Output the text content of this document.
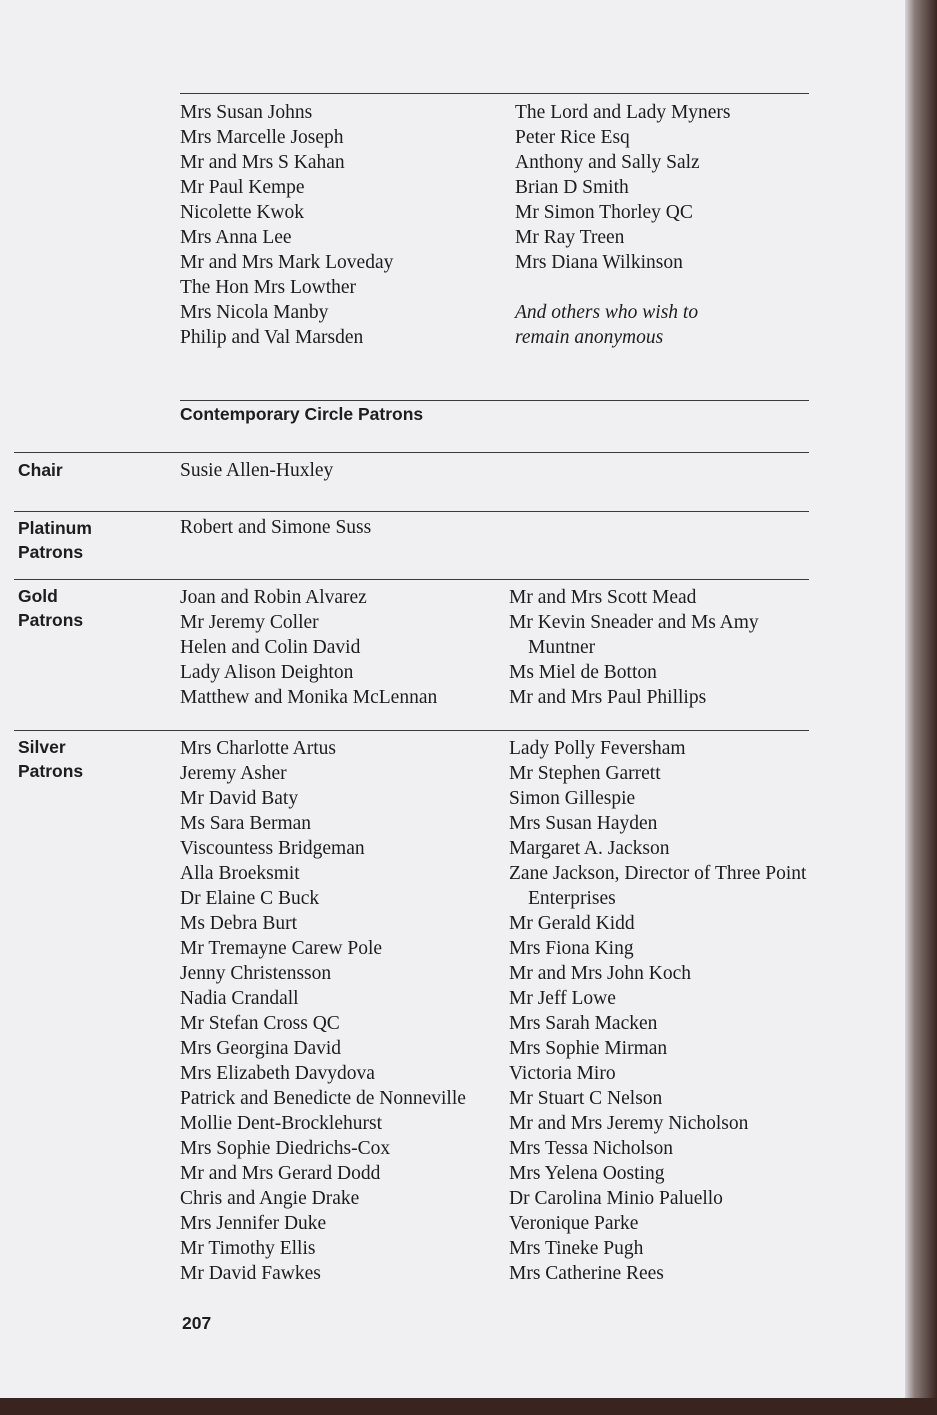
Mrs Susan Johns
Mrs Marcelle Joseph
Mr and Mrs S Kahan
Mr Paul Kempe
Nicolette Kwok
Mrs Anna Lee
Mr and Mrs Mark Loveday
The Hon Mrs Lowther
Mrs Nicola Manby
Philip and Val Marsden
The Lord and Lady Myners
Peter Rice Esq
Anthony and Sally Salz
Brian D Smith
Mr Simon Thorley QC
Mr Ray Treen
Mrs Diana Wilkinson
And others who wish to
remain anonymous
Contemporary Circle Patrons
Chair	Susie Allen-Huxley
Platinum
Patrons
Robert and Simone Suss
Gold
Patrons
Joan and Robin Alvarez
Mr Jeremy Coller
Helen and Colin David
Lady Alison Deighton
Matthew and Monika McLennan
Mr and Mrs Scott Mead
Mr Kevin Sneader and Ms Amy
Muntner
Ms Miel de Botton
Mr and Mrs Paul Phillips
Silver
Patrons
Mrs Charlotte Artus
Jeremy Asher
Mr David Baty
Ms Sara Berman
Viscountess Bridgeman
Alla Broeksmit
Dr Elaine C Buck
Ms Debra Burt
Mr Tremayne Carew Pole
Jenny Christensson
Nadia Crandall
Mr Stefan Cross QC
Mrs Georgina David
Mrs Elizabeth Davydova
Patrick and Benedicte de Nonneville
Mollie Dent-Brocklehurst
Mrs Sophie Diedrichs-Cox
Mr and Mrs Gerard Dodd
Chris and Angie Drake
Mrs Jennifer Duke
Mr Timothy Ellis
Mr David Fawkes
Lady Polly Feversham
Mr Stephen Garrett
Simon Gillespie
Mrs Susan Hayden
Margaret A. Jackson
Zane Jackson, Director of Three Point
Enterprises
Mr Gerald Kidd
Mrs Fiona King
Mr and Mrs John Koch
Mr Jeff Lowe
Mrs Sarah Macken
Mrs Sophie Mirman
Victoria Miro
Mr Stuart C Nelson
Mr and Mrs Jeremy Nicholson
Mrs Tessa Nicholson
Mrs Yelena Oosting
Dr Carolina Minio Paluello
Veronique Parke
Mrs Tineke Pugh
Mrs Catherine Rees
207
